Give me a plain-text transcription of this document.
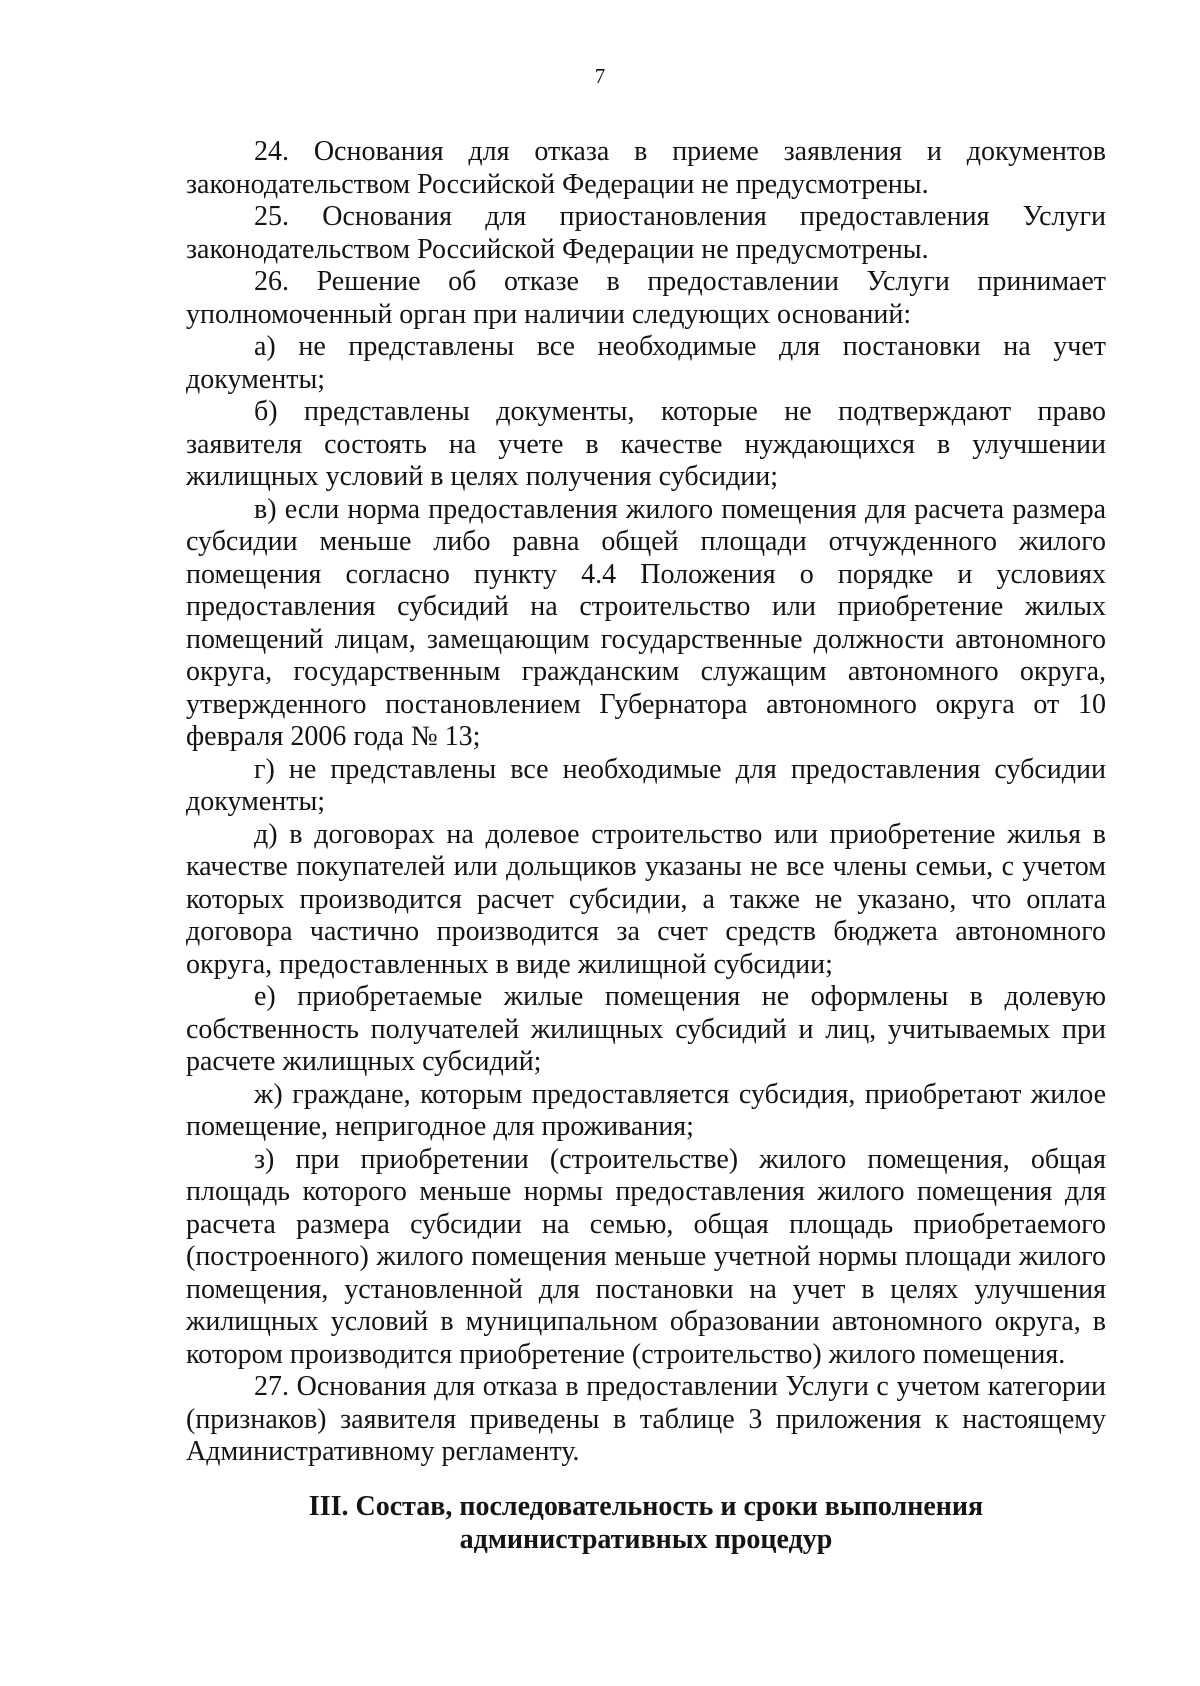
7

24. Основания для отказа в приеме заявления и документов законодательством Российской Федерации не предусмотрены.

25. Основания для приостановления предоставления Услуги законодательством Российской Федерации не предусмотрены.

26. Решение об отказе в предоставлении Услуги принимает уполномоченный орган при наличии следующих оснований:

а) не представлены все необходимые для постановки на учет документы;

б) представлены документы, которые не подтверждают право заявителя состоять на учете в качестве нуждающихся в улучшении жилищных условий в целях получения субсидии;

в) если норма предоставления жилого помещения для расчета размера субсидии меньше либо равна общей площади отчужденного жилого помещения согласно пункту 4.4 Положения о порядке и условиях предоставления субсидий на строительство или приобретение жилых помещений лицам, замещающим государственные должности автономного округа, государственным гражданским служащим автономного округа, утвержденного постановлением Губернатора автономного округа от 10 февраля 2006 года № 13;

г) не представлены все необходимые для предоставления субсидии документы;

д) в договорах на долевое строительство или приобретение жилья в качестве покупателей или дольщиков указаны не все члены семьи, с учетом которых производится расчет субсидии, а также не указано, что оплата договора частично производится за счет средств бюджета автономного округа, предоставленных в виде жилищной субсидии;

е) приобретаемые жилые помещения не оформлены в долевую собственность получателей жилищных субсидий и лиц, учитываемых при расчете жилищных субсидий;

ж) граждане, которым предоставляется субсидия, приобретают жилое помещение, непригодное для проживания;

з) при приобретении (строительстве) жилого помещения, общая площадь которого меньше нормы предоставления жилого помещения для расчета размера субсидии на семью, общая площадь приобретаемого (построенного) жилого помещения меньше учетной нормы площади жилого помещения, установленной для постановки на учет в целях улучшения жилищных условий в муниципальном образовании автономного округа, в котором производится приобретение (строительство) жилого помещения.

27. Основания для отказа в предоставлении Услуги с учетом категории (признаков) заявителя приведены в таблице 3 приложения к настоящему Административному регламенту.

III. Состав, последовательность и сроки выполнения
административных процедур
